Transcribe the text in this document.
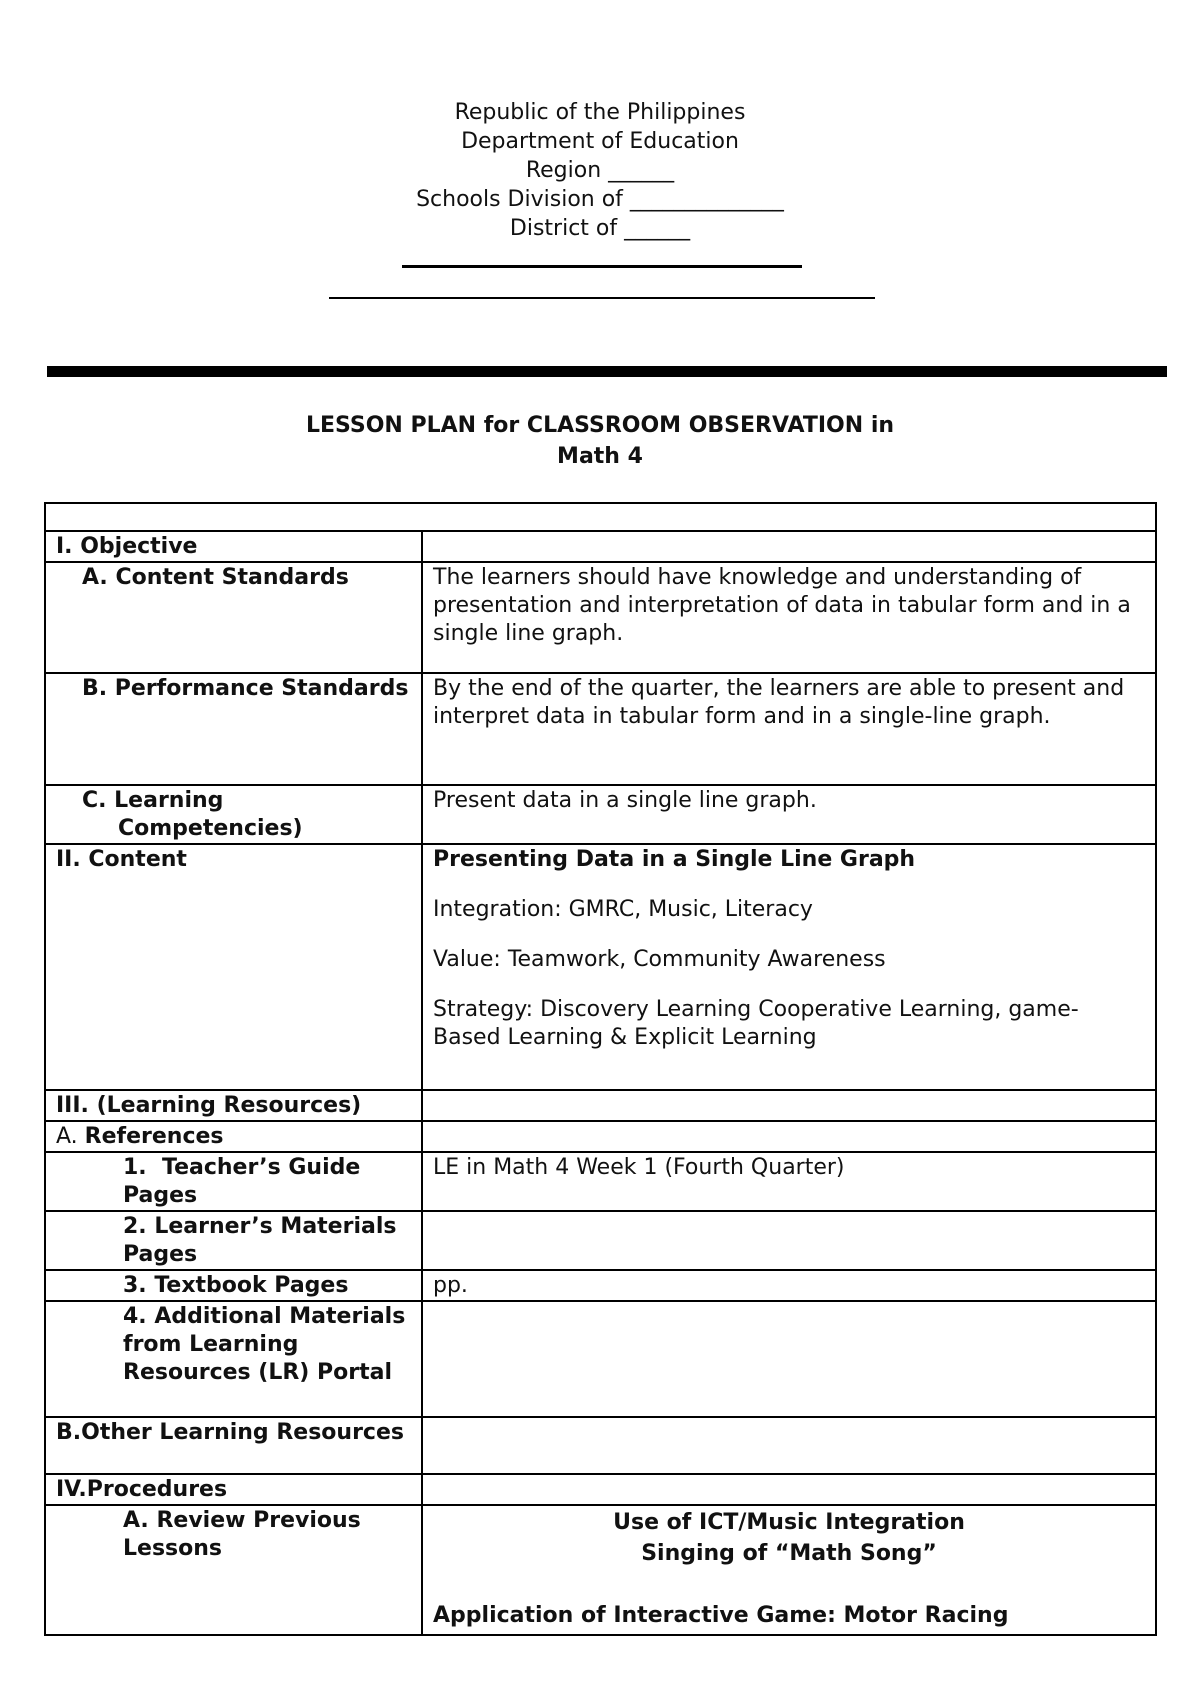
Republic of the Philippines
Department of Education
Region ______
Schools Division of ______________
District of ______
LESSON PLAN for CLASSROOM OBSERVATION in
Math 4

I. Objective	
A. Content Standards	The learners should have knowledge and understanding of presentation and interpretation of data in tabular form and in a single line graph.

B. Performance Standards	By the end of the quarter, the learners are able to present and interpret data in tabular form and in a single-line graph.

C. Learning Competencies)	Present data in a single line graph.
II. Content	Presenting Data in a Single Line Graph
Integration: GMRC, Music, Literacy
Value: Teamwork, Community Awareness
Strategy: Discovery Learning Cooperative Learning, game-Based Learning & Explicit Learning

III. (Learning Resources)	
A. References	
1.  Teacher’s Guide Pages	LE in Math 4 Week 1 (Fourth Quarter)
2. Learner’s Materials Pages	
3. Textbook Pages	pp.
4. Additional Materials from Learning Resources (LR) Portal	
B.Other Learning Resources	
IV.Procedures	
A. Review Previous Lessons	Use of ICT/Music Integration
Singing of “Math Song”
Application of Interactive Game: Motor Racing
